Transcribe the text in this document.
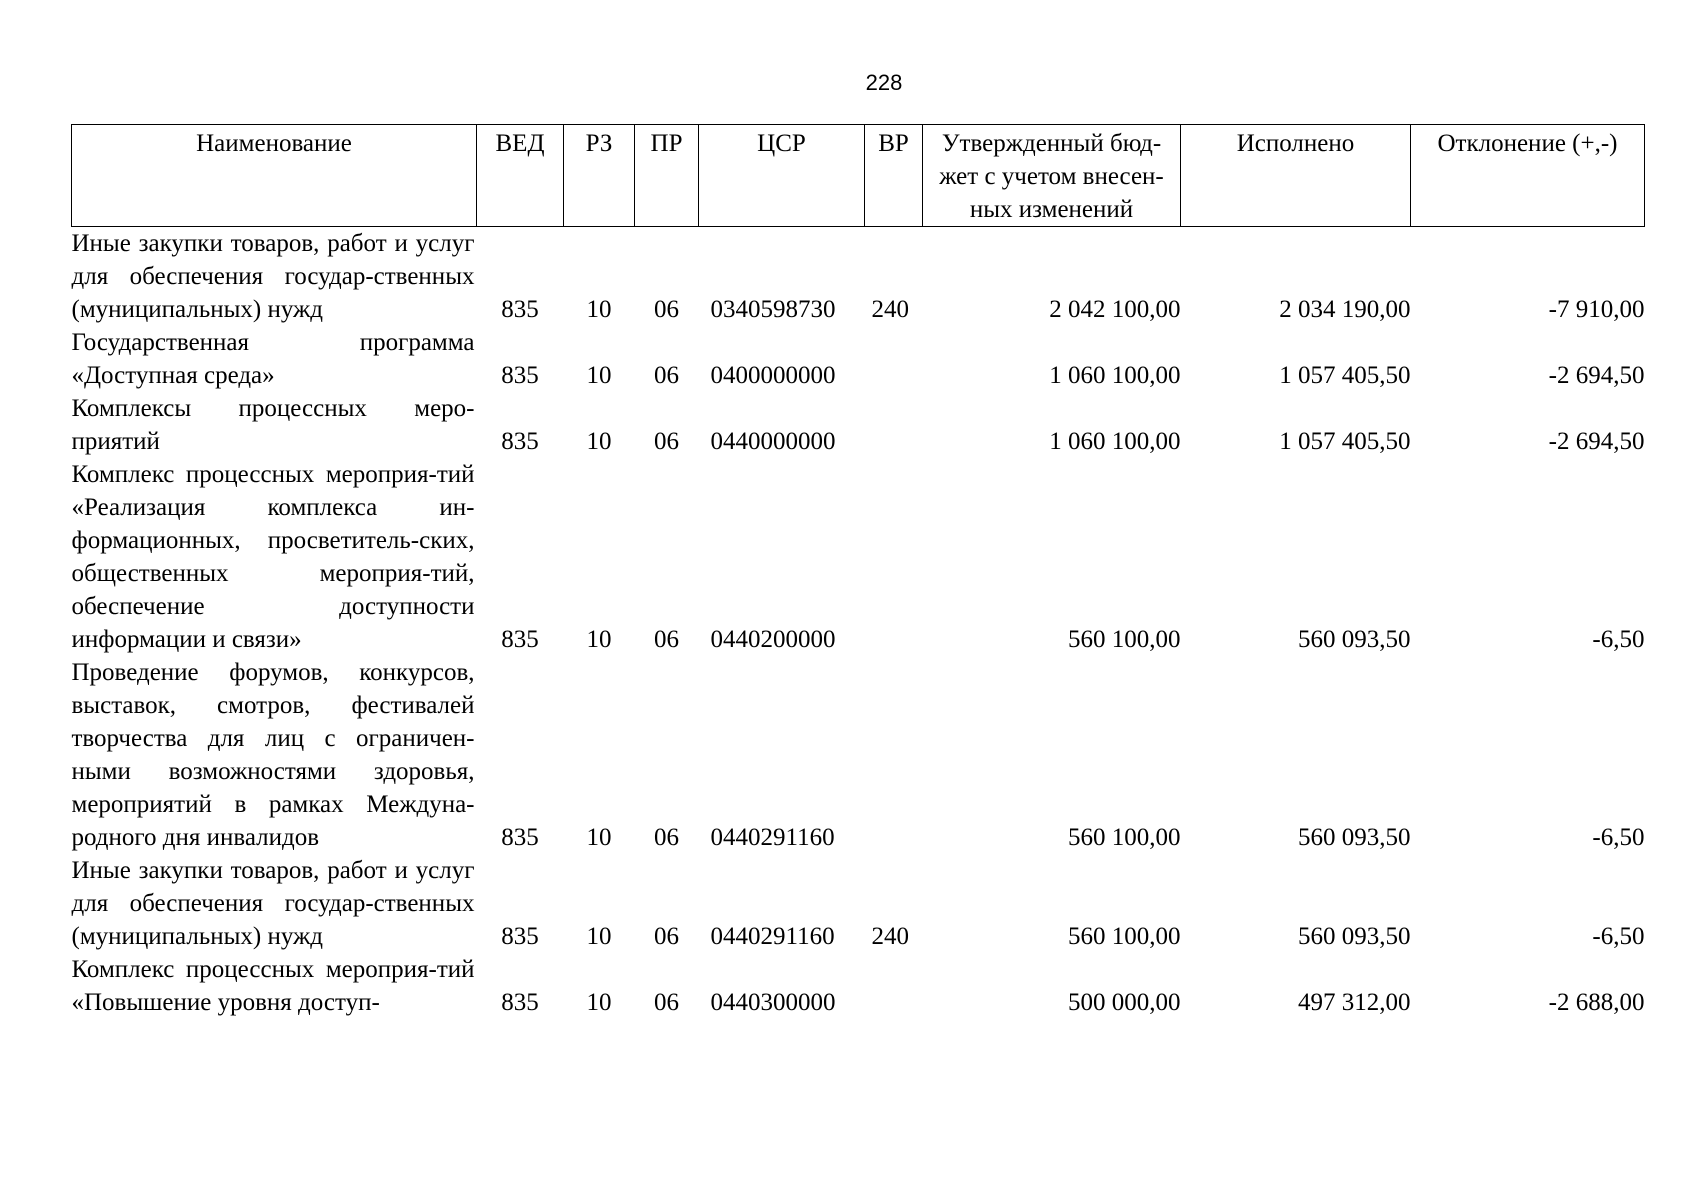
228
Наименование	ВЕД	РЗ	ПР	ЦСР	ВР	Утвержденный бюд-жет с учетом внесен-ных изменений	Исполнено	Отклонение (+,-)
Иные закупки товаров, работ и услуг для обеспечения государ-ственных (муниципальных) нужд	835	10	06	0340598730	240	2 042 100,00	2 034 190,00	-7 910,00
Государственная программа «Доступная среда»	835	10	06	0400000000		1 060 100,00	1 057 405,50	-2 694,50
Комплексы процессных меро-приятий	835	10	06	0440000000		1 060 100,00	1 057 405,50	-2 694,50
Комплекс процессных мероприя-тий «Реализация комплекса ин-формационных, просветитель-ских, общественных мероприя-тий, обеспечение доступности информации и связи»	835	10	06	0440200000		560 100,00	560 093,50	-6,50
Проведение форумов, конкурсов, выставок, смотров, фестивалей творчества для лиц с ограничен-ными возможностями здоровья, мероприятий в рамках Междуна-родного дня инвалидов	835	10	06	0440291160		560 100,00	560 093,50	-6,50
Иные закупки товаров, работ и услуг для обеспечения государ-ственных (муниципальных) нужд	835	10	06	0440291160	240	560 100,00	560 093,50	-6,50
Комплекс процессных мероприя-тий «Повышение уровня доступ-	835	10	06	0440300000		500 000,00	497 312,00	-2 688,00
